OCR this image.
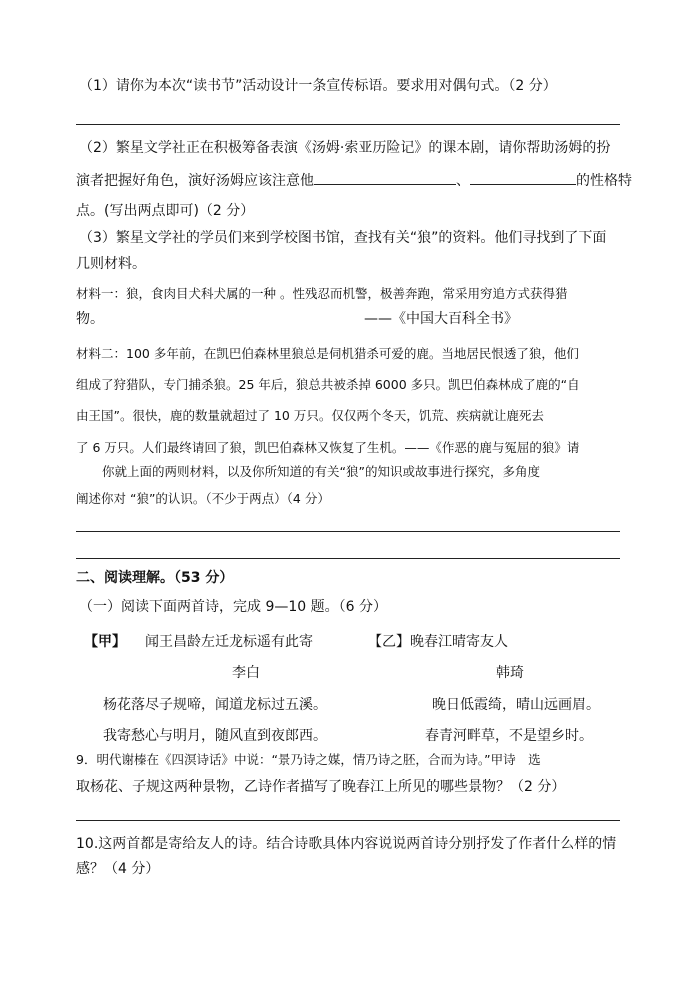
（1）请你为本次“读书节”活动设计一条宣传标语。要求用对偶句式。（2 分）
（2）繁星文学社正在积极筹备表演《汤姆·索亚历险记》的课本剧，请你帮助汤姆的扮
演者把握好角色，演好汤姆应该注意他	、	的性格特
点。(写出两点即可)（2 分）
（3）繁星文学社的学员们来到学校图书馆，查找有关“狼”的资料。他们寻找到了下面
几则材料。
材料一：狼，食肉目犬科犬属的一种 。性残忍而机警，极善奔跑，常采用穷追方式获得猎
物。	——《中国大百科全书》
材料二：100 多年前，在凯巴伯森林里狼总是伺机猎杀可爱的鹿。当地居民恨透了狼，他们
组成了狩猎队，专门捕杀狼。25 年后，狼总共被杀掉 6000 多只。凯巴伯森林成了鹿的“自
由王国”。很快，鹿的数量就超过了 10 万只。仅仅两个冬天，饥荒、疾病就让鹿死去
了 6 万只。人们最终请回了狼，凯巴伯森林又恢复了生机。——《作恶的鹿与冤屈的狼》请
你就上面的两则材料，以及你所知道的有关“狼”的知识或故事进行探究，多角度
阐述你对 “狼”的认识。（不少于两点）（4 分）
二、阅读理解。（53 分）
（一）阅读下面两首诗，完成 9—10 题。（6 分）
【甲】 闻王昌龄左迁龙标遥有此寄
李白
杨花落尽子规啼，闻道龙标过五溪。
我寄愁心与明月，随风直到夜郎西。
【乙】晚春江晴寄友人
韩琦
晚日低霞绮，晴山远画眉。
春青河畔草，不是望乡时。
9．明代谢榛在《四溟诗话》中说：“景乃诗之媒，情乃诗之胚，合而为诗。”甲诗　选
取杨花、子规这两种景物，乙诗作者描写了晚春江上所见的哪些景物？（2 分）
10.这两首都是寄给友人的诗。结合诗歌具体内容说说两首诗分别抒发了作者什么样的情
感？（4 分）
